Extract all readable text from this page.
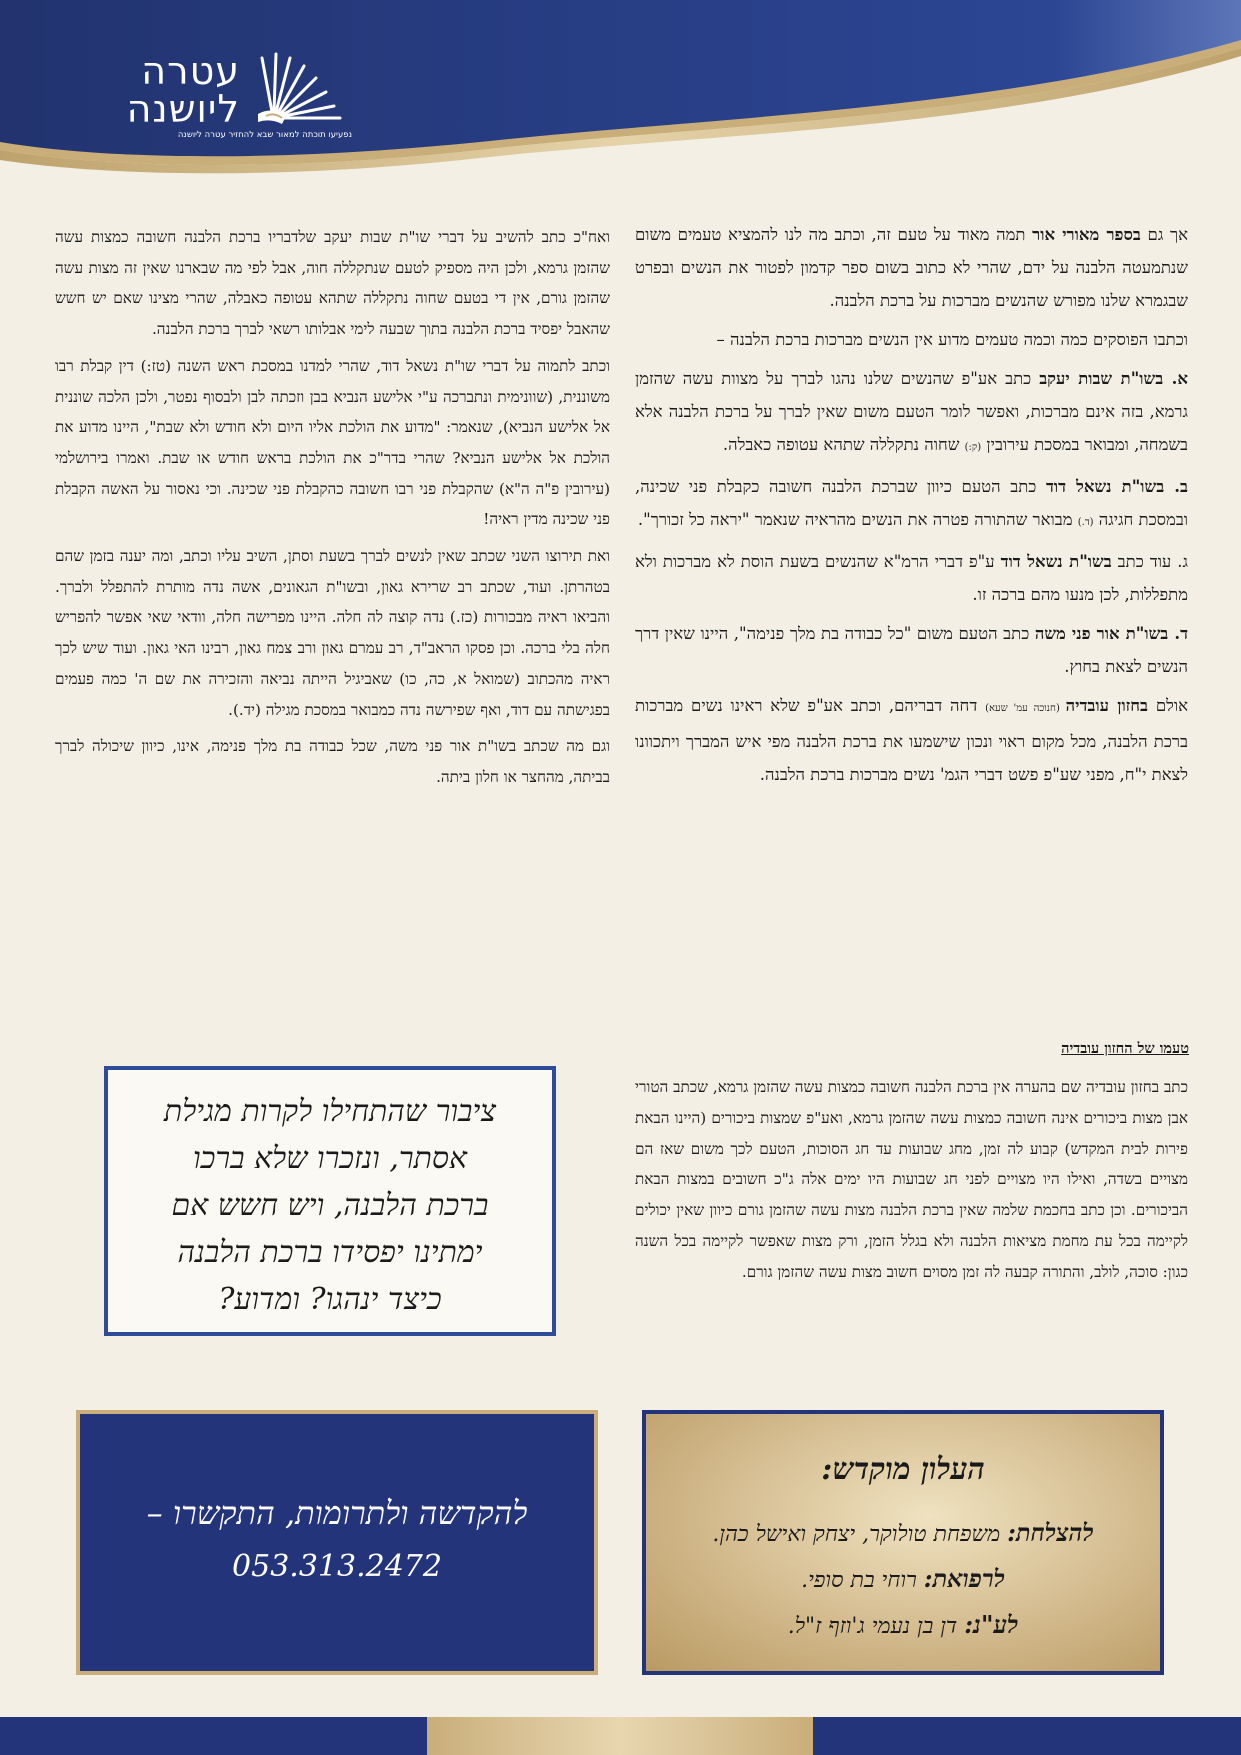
עטרה
ליושנה
נפעיעו תוכתה למאור שבא להחזיר עטרה ליושנה

אך גם בספר מאורי אור תמה מאוד על טעם זה, וכתב מה לנו להמציא טעמים משום שנתמעטה הלבנה על ידם, שהרי לא כתוב בשום ספר קדמון לפטור את הנשים ובפרט שבגמרא שלנו מפורש שהנשים מברכות על ברכת הלבנה.

וכתבו הפוסקים כמה וכמה טעמים מדוע אין הנשים מברכות ברכת הלבנה –

א. בשו"ת שבות יעקב כתב אע"פ שהנשים שלנו נהגו לברך על מצוות עשה שהזמן גרמא, בזה אינם מברכות, ואפשר לומר הטעם משום שאין לברך על ברכת הלבנה אלא בשמחה, ומבואר במסכת עירובין (ק:) שחוה נתקללה שתהא עטופה כאבלה.

ב. בשו"ת נשאל דוד כתב הטעם כיוון שברכת הלבנה חשובה כקבלת פני שכינה, ובמסכת חגיגה (ד.) מבואר שהתורה פטרה את הנשים מהראיה שנאמר "יראה כל זכורך".

ג. עוד כתב בשו"ת נשאל דוד ע"פ דברי הרמ"א שהנשים בשעת הוסת לא מברכות ולא מתפללות, לכן מנעו מהם ברכה זו.

ד. בשו"ת אור פני משה כתב הטעם משום "כל כבודה בת מלך פנימה", היינו שאין דרך הנשים לצאת בחוץ.

אולם בחזון עובדיה (חנוכה עמ' שעא) דחה דבריהם, וכתב אע"פ שלא ראינו נשים מברכות ברכת הלבנה, מכל מקום ראוי ונכון שישמעו את ברכת הלבנה מפי איש המברך ויתכוונו לצאת י"ח, מפני שע"פ פשט דברי הגמ' נשים מברכות ברכת הלבנה.

טעמו של החזון עובדיה

כתב בחזון עובדיה שם בהערה אין ברכת הלבנה חשובה כמצות עשה שהזמן גרמא, שכתב הטורי אבן מצות ביכורים אינה חשובה כמצות עשה שהזמן גרמא, ואע"פ שמצות ביכורים (היינו הבאת פירות לבית המקדש) קבוע לה זמן, מחג שבועות עד חג הסוכות, הטעם לכך משום שאז הם מצויים בשדה, ואילו היו מצויים לפני חג שבועות היו ימים אלה ג"כ חשובים במצות הבאת הביכורים. וכן כתב בחכמת שלמה שאין ברכת הלבנה מצות עשה שהזמן גורם כיוון שאין יכולים לקיימה בכל עת מחמת מציאות הלבנה ולא בגלל הזמן, ורק מצות שאפשר לקיימה בכל השנה כגון: סוכה, לולב, והתורה קבעה לה זמן מסוים חשוב מצות עשה שהזמן גורם.

ואח"כ כתב להשיב על דברי שו"ת שבות יעקב שלדבריו ברכת הלבנה חשובה כמצות עשה שהזמן גרמא, ולכן היה מספיק לטעם שנתקללה חוה, אבל לפי מה שבארנו שאין זה מצות עשה שהזמן גורם, אין די בטעם שחוה נתקללה שתהא עטופה כאבלה, שהרי מצינו שאם יש חשש שהאבל יפסיד ברכת הלבנה בתוך שבעה לימי אבלותו רשאי לברך ברכת הלבנה.

וכתב לתמוה על דברי שו"ת נשאל דוד, שהרי למדנו במסכת ראש השנה (טז:) דין קבלת רבו משוננית, (שוונימית ונתברכה ע"י אלישע הנביא בבן וזכתה לבן ולבסוף נפטר, ולכן הלכה שוננית אל אלישע הנביא), שנאמר: "מדוע את הולכת אליו היום ולא חודש ולא שבת", היינו מדוע את הולכת אל אלישע הנביא? שהרי בדר"כ את הולכת בראש חודש או שבת. ואמרו בירושלמי (עירובין פ"ה ה"א) שהקבלת פני רבו חשובה כהקבלת פני שכינה. וכי נאסור על האשה הקבלת פני שכינה מדין ראיה!

ואת תירוצו השני שכתב שאין לנשים לברך בשעת וסתן, השיב עליו וכתב, ומה יענה בזמן שהם בטהרתן. ועוד, שכתב רב שרירא גאון, ובשו"ת הגאונים, אשה נדה מותרת להתפלל ולברך. והביאו ראיה מבכורות (כז.) נדה קוצה לה חלה. היינו מפרישה חלה, וודאי שאי אפשר להפריש חלה בלי ברכה. וכן פסקו הראב"ד, רב עמרם גאון ורב צמח גאון, רבינו האי גאון. ועוד שיש לכך ראיה מהכתוב (שמואל א, כה, כו) שאביגיל הייתה נביאה והזכירה את שם ה' כמה פעמים בפגישתה עם דוד, ואף שפירשה נדה כמבואר במסכת מגילה (יד.).

וגם מה שכתב בשו"ת אור פני משה, שכל כבודה בת מלך פנימה, אינו, כיוון שיכולה לברך בביתה, מהחצר או חלון ביתה.

ציבור שהתחילו לקרות מגילת
אסתר, ונזכרו שלא ברכו
ברכת הלבנה, ויש חשש אם
ימתינו יפסידו ברכת הלבנה
כיצד ינהגו? ומדוע?
להקדשה ולתרומות, התקשרו –
053.313.2472
העלון מוקדש:
להצלחת: משפחת טולוקר, יצחק ואישל כהן.
לרפואת: רוחי בת סופי.
לע"נ: דן בן נעמי ג'וזף ז"ל.
